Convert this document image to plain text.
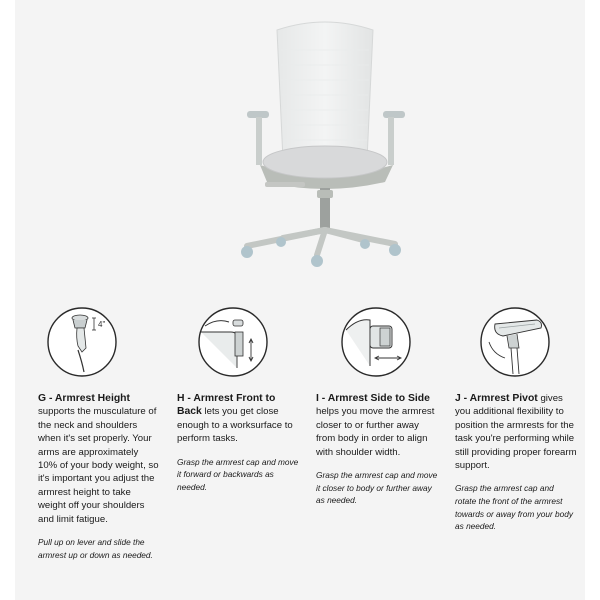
4"
G - Armrest Height supports the musculature of the neck and shoulders when it's set properly. Your arms are approximately 10% of your body weight, so it's important you adjust the armrest height to take weight off your shoulders and limit fatigue.
Pull up on lever and slide the armrest up or down as needed.
H - Armrest Front to Back lets you get close enough to a worksurface to perform tasks.
Grasp the armrest cap and move it forward or backwards as needed.
I - Armrest Side to Side helps you move the armrest closer to or further away from body in order to align with shoulder width.
Grasp the armrest cap and move it closer to body or further away as needed.
J - Armrest Pivot gives you additional flexibility to position the armrests for the task you're performing while still providing proper forearm support.
Grasp the armrest cap and rotate the front of the armrest towards or away from your body as needed.
